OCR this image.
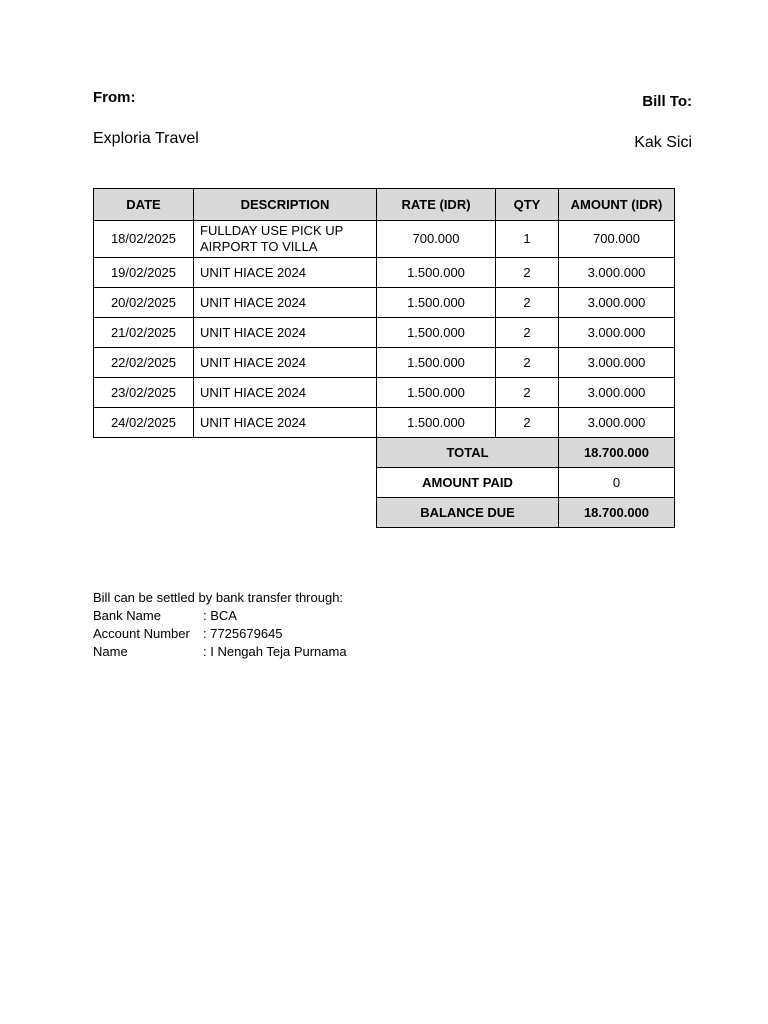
From:
Exploria Travel
Bill To:
Kak Sici
DATE	DESCRIPTION	RATE (IDR)	QTY	AMOUNT (IDR)
18/02/2025	FULLDAY USE PICK UP AIRPORT TO VILLA	700.000	1	700.000
19/02/2025	UNIT HIACE 2024	1.500.000	2	3.000.000
20/02/2025	UNIT HIACE 2024	1.500.000	2	3.000.000
21/02/2025	UNIT HIACE 2024	1.500.000	2	3.000.000
22/02/2025	UNIT HIACE 2024	1.500.000	2	3.000.000
23/02/2025	UNIT HIACE 2024	1.500.000	2	3.000.000
24/02/2025	UNIT HIACE 2024	1.500.000	2	3.000.000
		TOTAL		18.700.000
		AMOUNT PAID		0
		BALANCE DUE		18.700.000
Bill can be settled by bank transfer through:
Bank Name	: BCA
Account Number	: 7725679645
Name	: I Nengah Teja Purnama
